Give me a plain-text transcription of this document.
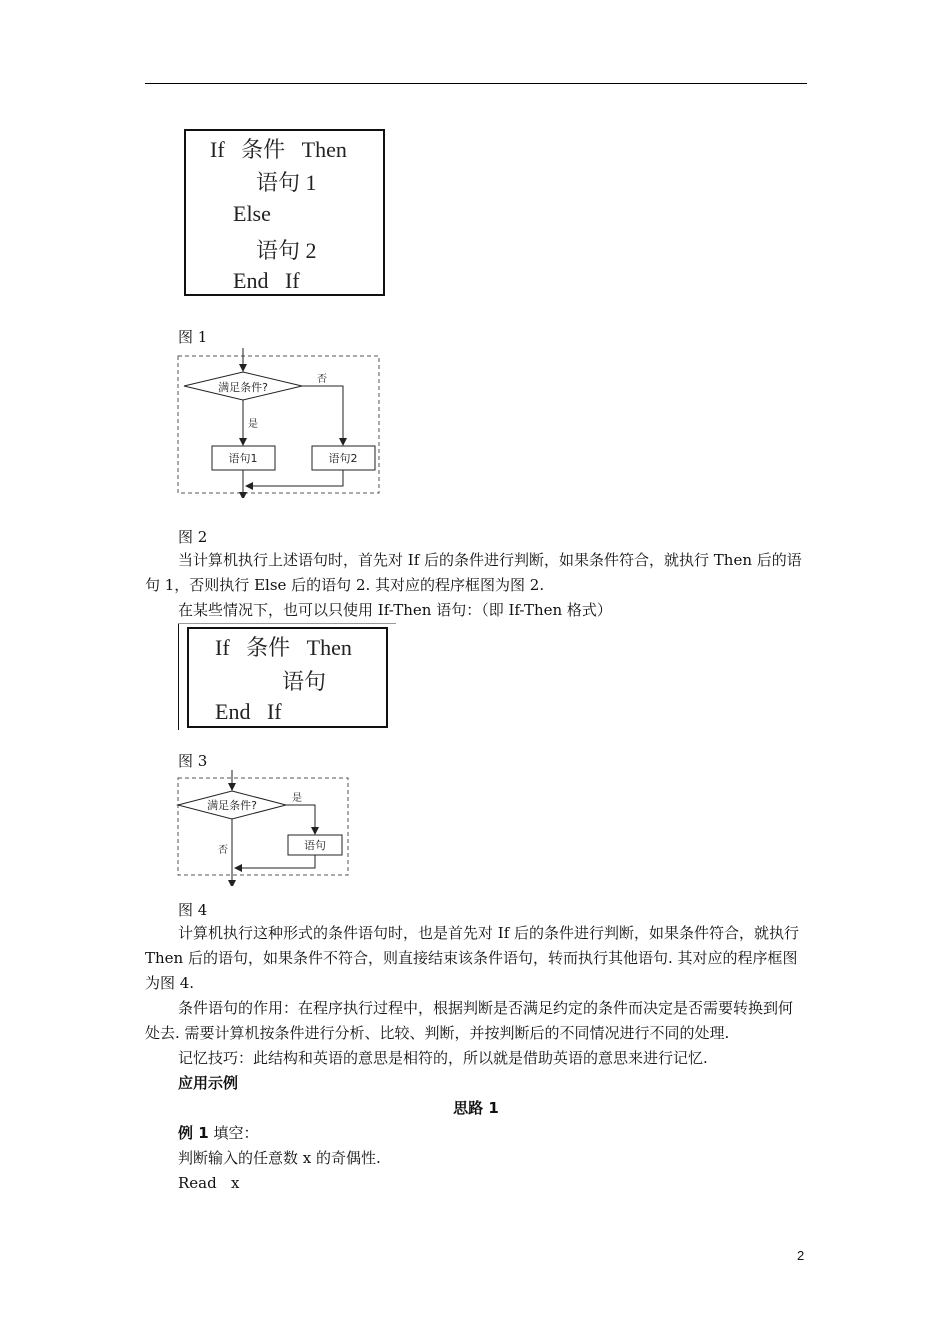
If   条件   Then
语句 1
Else
语句 2
End   If
图 1
满足条件?
否
是
语句1	语句2
图 2

当计算机执行上述语句时，首先对 If 后的条件进行判断，如果条件符合，就执行 Then 后的语句 1，否则执行 Else 后的语句 2. 其对应的程序框图为图 2.

在某些情况下，也可以只使用 If-Then 语句：（即 If-Then 格式）

If   条件   Then
语句
End   If
图 3
满足条件?
是
语句
否
图 4

计算机执行这种形式的条件语句时，也是首先对 If 后的条件进行判断，如果条件符合，就执行 Then 后的语句，如果条件不符合，则直接结束该条件语句，转而执行其他语句. 其对应的程序框图为图 4.

条件语句的作用：在程序执行过程中，根据判断是否满足约定的条件而决定是否需要转换到何处去. 需要计算机按条件进行分析、比较、判断，并按判断后的不同情况进行不同的处理.

记忆技巧：此结构和英语的意思是相符的，所以就是借助英语的意思来进行记忆.

应用示例

思路 1

例 1 填空：

判断输入的任意数 x 的奇偶性.

Read   x

2
